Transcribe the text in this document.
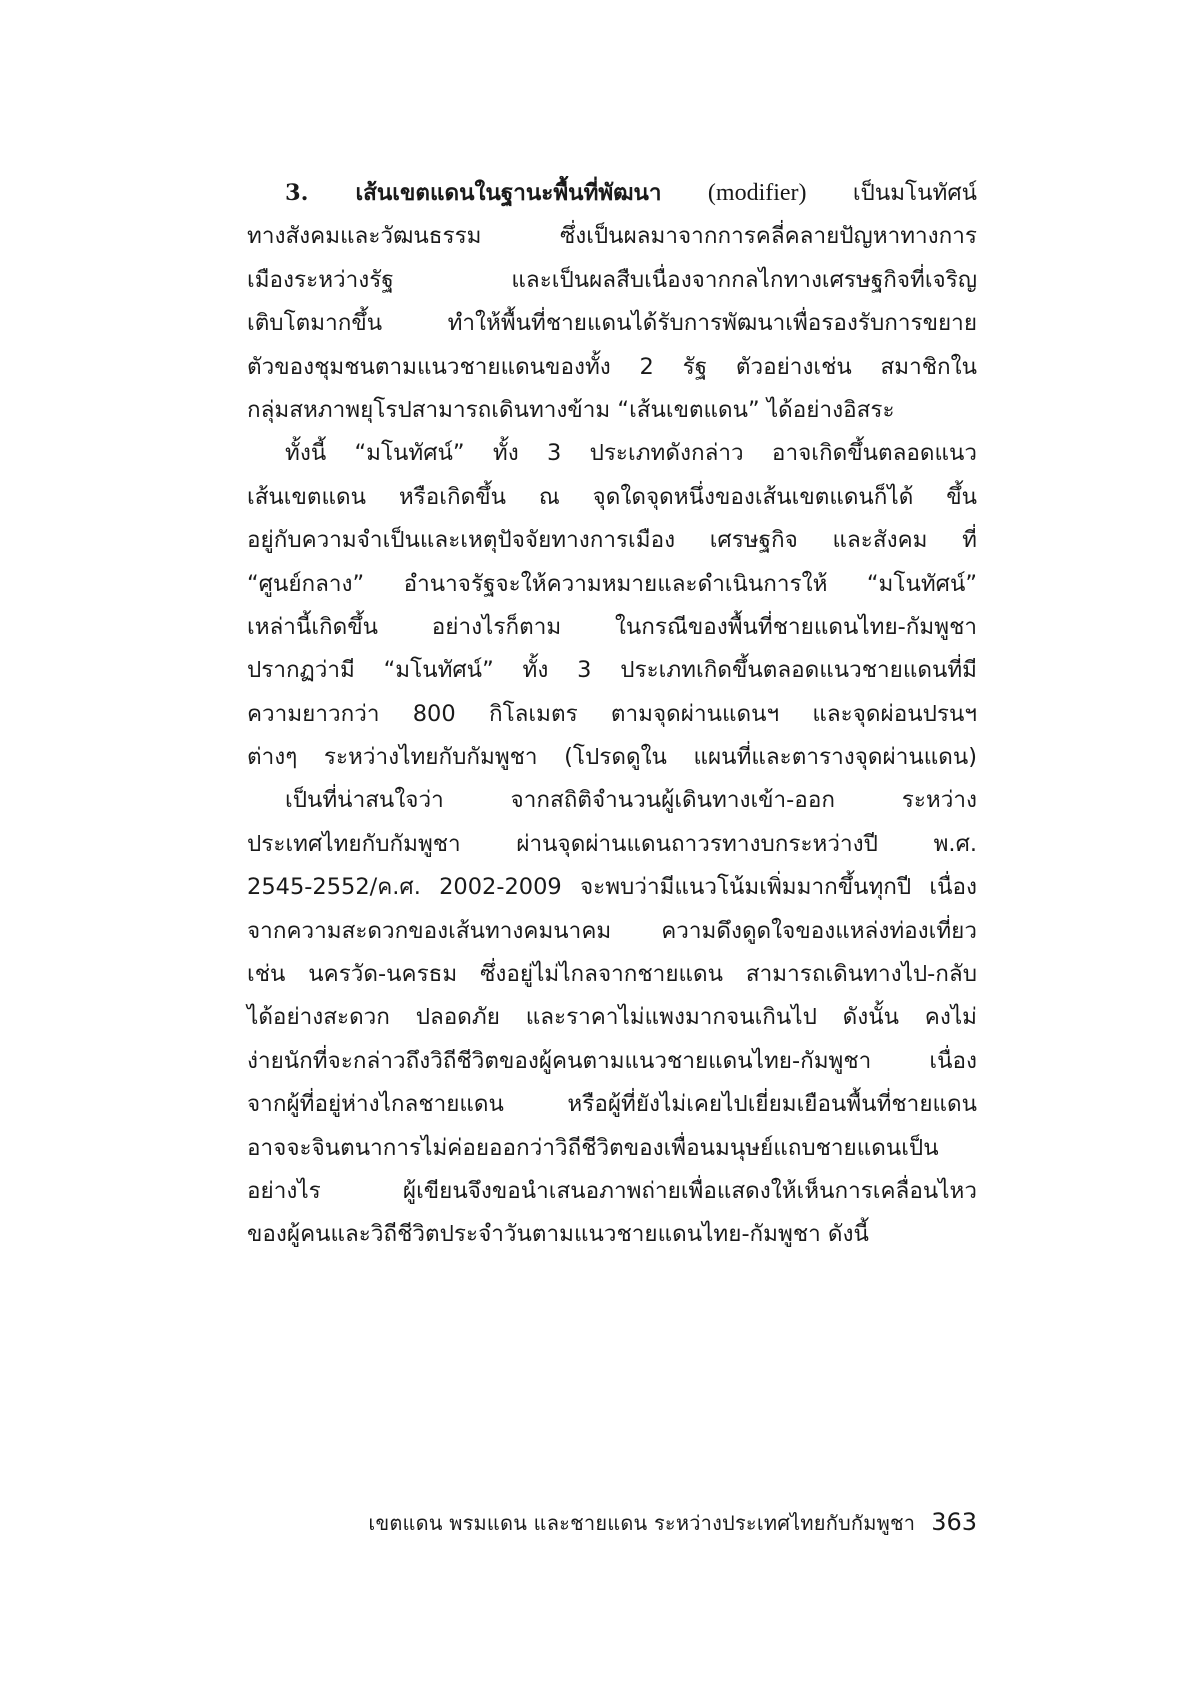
3. เส้นเขตแดนในฐานะพื้นที่พัฒนา (modifier) เป็นมโนทัศน์
ทางสังคมและวัฒนธรรม ซึ่งเป็นผลมาจากการคลี่คลายปัญหาทางการ
เมืองระหว่างรัฐ และเป็นผลสืบเนื่องจากกลไกทางเศรษฐกิจที่เจริญ
เติบโตมากขึ้น ทำให้พื้นที่ชายแดนได้รับการพัฒนาเพื่อรองรับการขยาย
ตัวของชุมชนตามแนวชายแดนของทั้ง 2 รัฐ ตัวอย่างเช่น สมาชิกใน
กลุ่มสหภาพยุโรปสามารถเดินทางข้าม “เส้นเขตแดน” ได้อย่างอิสระ
ทั้งนี้ “มโนทัศน์” ทั้ง 3 ประเภทดังกล่าว อาจเกิดขึ้นตลอดแนว
เส้นเขตแดน หรือเกิดขึ้น ณ จุดใดจุดหนึ่งของเส้นเขตแดนก็ได้ ขึ้น
อยู่กับความจำเป็นและเหตุปัจจัยทางการเมือง เศรษฐกิจ และสังคม ที่
“ศูนย์กลาง” อำนาจรัฐจะให้ความหมายและดำเนินการให้ “มโนทัศน์”
เหล่านี้เกิดขึ้น อย่างไรก็ตาม ในกรณีของพื้นที่ชายแดนไทย-กัมพูชา
ปรากฏว่ามี “มโนทัศน์” ทั้ง 3 ประเภทเกิดขึ้นตลอดแนวชายแดนที่มี
ความยาวกว่า 800 กิโลเมตร ตามจุดผ่านแดนฯ และจุดผ่อนปรนฯ
ต่างๆ ระหว่างไทยกับกัมพูชา (โปรดดูใน แผนที่และตารางจุดผ่านแดน)
เป็นที่น่าสนใจว่า จากสถิติจำนวนผู้เดินทางเข้า-ออก ระหว่าง
ประเทศไทยกับกัมพูชา ผ่านจุดผ่านแดนถาวรทางบกระหว่างปี พ.ศ.
2545-2552/ค.ศ. 2002-2009 จะพบว่ามีแนวโน้มเพิ่มมากขึ้นทุกปี เนื่อง
จากความสะดวกของเส้นทางคมนาคม ความดึงดูดใจของแหล่งท่องเที่ยว
เช่น นครวัด-นครธม ซึ่งอยู่ไม่ไกลจากชายแดน สามารถเดินทางไป-กลับ
ได้อย่างสะดวก ปลอดภัย และราคาไม่แพงมากจนเกินไป ดังนั้น คงไม่
ง่ายนักที่จะกล่าวถึงวิถีชีวิตของผู้คนตามแนวชายแดนไทย-กัมพูชา เนื่อง
จากผู้ที่อยู่ห่างไกลชายแดน หรือผู้ที่ยังไม่เคยไปเยี่ยมเยือนพื้นที่ชายแดน
อาจจะจินตนาการไม่ค่อยออกว่าวิถีชีวิตของเพื่อนมนุษย์แถบชายแดนเป็น
อย่างไร ผู้เขียนจึงขอนำเสนอภาพถ่ายเพื่อแสดงให้เห็นการเคลื่อนไหว
ของผู้คนและวิถีชีวิตประจำวันตามแนวชายแดนไทย-กัมพูชา ดังนี้
เขตแดน พรมแดน และชายแดน ระหว่างประเทศไทยกับกัมพูชา 363
